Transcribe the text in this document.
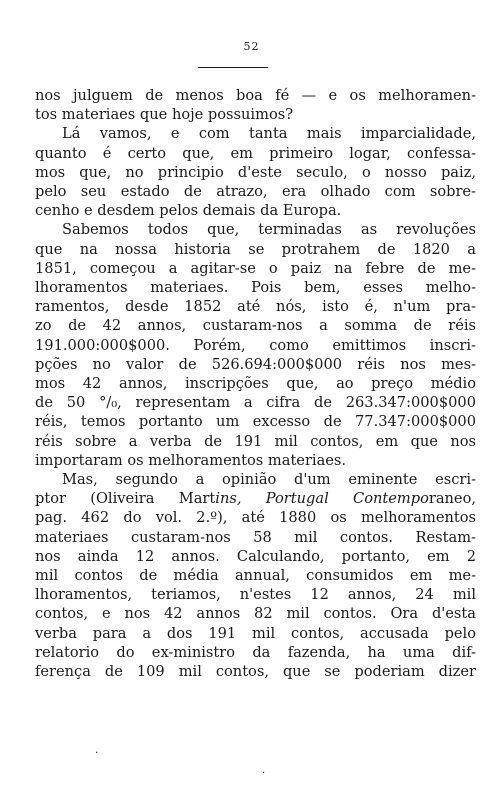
52
nos julguem de menos boa fé — e os melhoramen-
tos materiaes que hoje possuimos?
Lá vamos, e com tanta mais imparcialidade,
quanto é certo que, em primeiro logar, confessa-
mos que, no principio d'este seculo, o nosso paiz,
pelo seu estado de atrazo, era olhado com sobre-
cenho e desdem pelos demais da Europa.
Sabemos todos que, terminadas as revoluções
que na nossa historia se protrahem de 1820 a
1851, começou a agitar-se o paiz na febre de me-
lhoramentos materiaes. Pois bem, esses melho-
ramentos, desde 1852 até nós, isto é, n'um pra-
zo de 42 annos, custaram-nos a somma de réis
191.000:000$000. Porém, como emittimos inscri-
pções no valor de 526.694:000$000 réis nos mes-
mos 42 annos, inscripções que, ao preço médio
de 50 °/₀, representam a cifra de 263.347:000$000
réis, temos portanto um excesso de 77.347:000$000
réis sobre a verba de 191 mil contos, em que nos
importaram os melhoramentos materiaes.
Mas, segundo a opinião d'um eminente escri-
ptor (Oliveira Martins, Portugal Contemporaneo,
pag. 462 do vol. 2.º), até 1880 os melhoramentos
materiaes custaram-nos 58 mil contos. Restam-
nos ainda 12 annos. Calculando, portanto, em 2
mil contos de média annual, consumidos em me-
lhoramentos, teriamos, n'estes 12 annos, 24 mil
contos, e nos 42 annos 82 mil contos. Ora d'esta
verba para a dos 191 mil contos, accusada pelo
relatorio do ex-ministro da fazenda, ha uma dif-
ferença de 109 mil contos, que se poderiam dizer
.
.
